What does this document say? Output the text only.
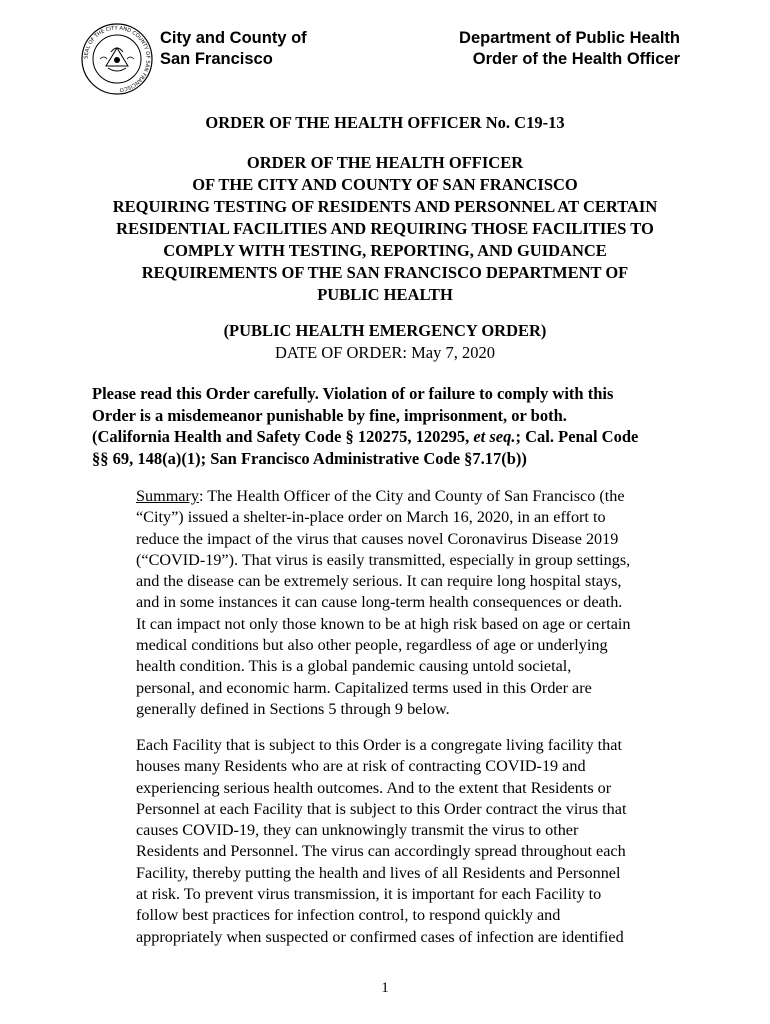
SEAL OF THE CITY AND COUNTY OF SAN FRANCISCO
City and County of
San Francisco
Department of Public Health
Order of the Health Officer
ORDER OF THE HEALTH OFFICER No. C19-13
ORDER OF THE HEALTH OFFICER
OF THE CITY AND COUNTY OF SAN FRANCISCO
REQUIRING TESTING OF RESIDENTS AND PERSONNEL AT CERTAIN
RESIDENTIAL FACILITIES AND REQUIRING THOSE FACILITIES TO
COMPLY WITH TESTING, REPORTING, AND GUIDANCE
REQUIREMENTS OF THE SAN FRANCISCO DEPARTMENT OF
PUBLIC HEALTH
(PUBLIC HEALTH EMERGENCY ORDER)
DATE OF ORDER: May 7, 2020
Please read this Order carefully. Violation of or failure to comply with this
Order is a misdemeanor punishable by fine, imprisonment, or both.
(California Health and Safety Code § 120275, 120295, et seq.; Cal. Penal Code
§§ 69, 148(a)(1); San Francisco Administrative Code §7.17(b))
Summary: The Health Officer of the City and County of San Francisco (the
“City”) issued a shelter-in-place order on March 16, 2020, in an effort to
reduce the impact of the virus that causes novel Coronavirus Disease 2019
(“COVID-19”). That virus is easily transmitted, especially in group settings,
and the disease can be extremely serious. It can require long hospital stays,
and in some instances it can cause long-term health consequences or death.
It can impact not only those known to be at high risk based on age or certain
medical conditions but also other people, regardless of age or underlying
health condition. This is a global pandemic causing untold societal,
personal, and economic harm. Capitalized terms used in this Order are
generally defined in Sections 5 through 9 below.
Each Facility that is subject to this Order is a congregate living facility that
houses many Residents who are at risk of contracting COVID-19 and
experiencing serious health outcomes. And to the extent that Residents or
Personnel at each Facility that is subject to this Order contract the virus that
causes COVID-19, they can unknowingly transmit the virus to other
Residents and Personnel. The virus can accordingly spread throughout each
Facility, thereby putting the health and lives of all Residents and Personnel
at risk. To prevent virus transmission, it is important for each Facility to
follow best practices for infection control, to respond quickly and
appropriately when suspected or confirmed cases of infection are identified
1
